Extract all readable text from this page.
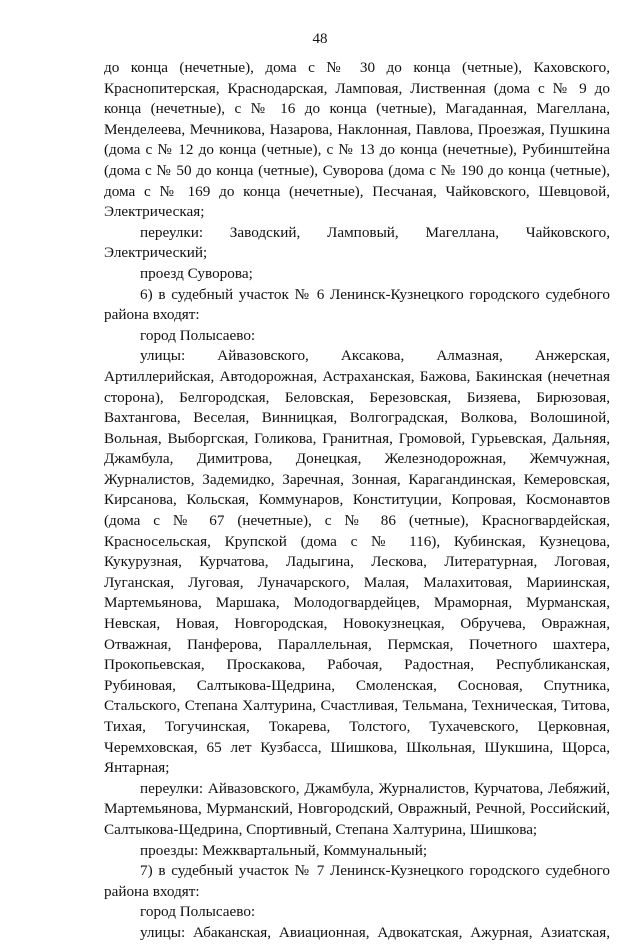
48

до конца (нечетные), дома с № 30 до конца (четные), Каховского, Краснопитерская, Краснодарская, Ламповая, Лиственная (дома с № 9 до конца (нечетные), с № 16 до конца (четные), Магаданная, Магеллана, Менделеева, Мечникова, Назарова, Наклонная, Павлова, Проезжая, Пушкина (дома с № 12 до конца (четные), с № 13 до конца (нечетные), Рубинштейна (дома с № 50 до конца (четные), Суворова (дома с № 190 до конца (четные), дома с № 169 до конца (нечетные), Песчаная, Чайковского, Шевцовой, Электрическая;

переулки: Заводский, Ламповый, Магеллана, Чайковского, Электрический;

проезд Суворова;

6) в судебный участок № 6 Ленинск-Кузнецкого городского судебного района входят:

город Полысаево:

улицы: Айвазовского, Аксакова, Алмазная, Анжерская, Артиллерийская, Автодорожная, Астраханская, Бажова, Бакинская (нечетная сторона), Белгородская, Беловская, Березовская, Бизяева, Бирюзовая, Вахтангова, Веселая, Винницкая, Волгоградская, Волкова, Волошиной, Вольная, Выборгская, Голикова, Гранитная, Громовой, Гурьевская, Дальняя, Джамбула, Димитрова, Донецкая, Железнодорожная, Жемчужная, Журналистов, Задемидко, Заречная, Зонная, Карагандинская, Кемеровская, Кирсанова, Кольская, Коммунаров, Конституции, Копровая, Космонавтов (дома с № 67 (нечетные), с № 86 (четные), Красногвардейская, Красносельская, Крупской (дома с № 116), Кубинская, Кузнецова, Кукурузная, Курчатова, Ладыгина, Лескова, Литературная, Логовая, Луганская, Луговая, Луначарского, Малая, Малахитовая, Мариинская, Мартемьянова, Маршака, Молодогвардейцев, Мраморная, Мурманская, Невская, Новая, Новгородская, Новокузнецкая, Обручева, Овражная, Отважная, Панферова, Параллельная, Пермская, Почетного шахтера, Прокопьевская, Проскакова, Рабочая, Радостная, Республиканская, Рубиновая, Салтыкова-Щедрина, Смоленская, Сосновая, Спутника, Стальского, Степана Халтурина, Счастливая, Тельмана, Техническая, Титова, Тихая, Тогучинская, Токарева, Толстого, Тухачевского, Церковная, Черемховская, 65 лет Кузбасса, Шишкова, Школьная, Шукшина, Щорса, Янтарная;

переулки: Айвазовского, Джамбула, Журналистов, Курчатова, Лебяжий, Мартемьянова, Мурманский, Новгородский, Овражный, Речной, Российский, Салтыкова-Щедрина, Спортивный, Степана Халтурина, Шишкова;

проезды: Межквартальный, Коммунальный;

7) в судебный участок № 7 Ленинск-Кузнецкого городского судебного района входят:

город Полысаево:

улицы: Абаканская, Авиационная, Адвокатская, Ажурная, Азиатская,
